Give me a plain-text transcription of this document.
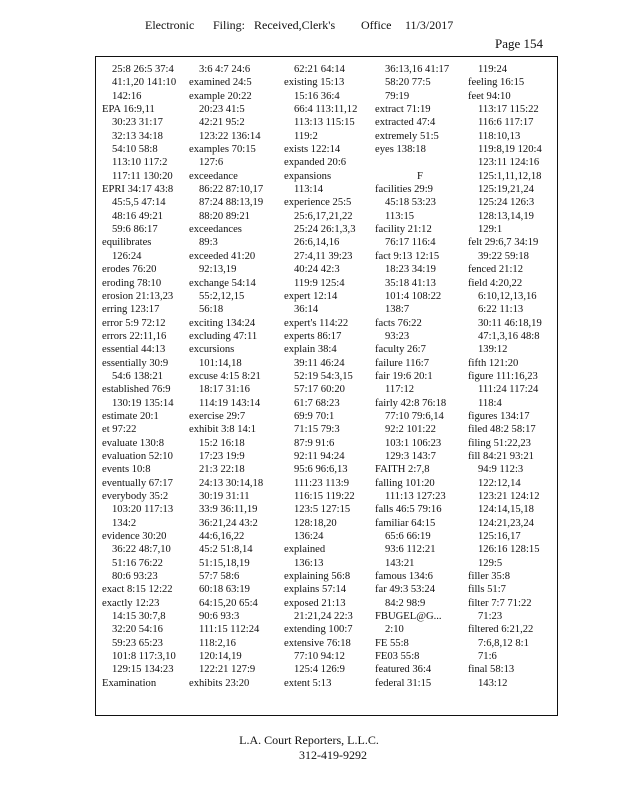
Electronic Filing: Received,Clerk's Office 11/3/2017
Page 154
25:8 26:5 37:4
41:1,20 141:10
142:16
EPA 16:9,11
30:23 31:17
32:13 34:18
54:10 58:8
113:10 117:2
117:11 130:20
EPRI 34:17 43:8
45:5,5 47:14
48:16 49:21
59:6 86:17
equilibrates
126:24
erodes 76:20
eroding 78:10
erosion 21:13,23
erring 123:17
error 5:9 72:12
errors 22:11,16
essential 44:13
essentially 30:9
54:6 138:21
established 76:9
130:19 135:14
estimate 20:1
et 97:22
evaluate 130:8
evaluation 52:10
events 10:8
eventually 67:17
everybody 35:2
103:20 117:13
134:2
evidence 30:20
36:22 48:7,10
51:16 76:22
80:6 93:23
exact 8:15 12:22
exactly 12:23
14:15 30:7,8
32:20 54:16
59:23 65:23
101:8 117:3,10
129:15 134:23
Examination
3:6 4:7 24:6
examined 24:5
example 20:22
20:23 41:5
42:21 95:2
123:22 136:14
examples 70:15
127:6
exceedance
86:22 87:10,17
87:24 88:13,19
88:20 89:21
exceedances
89:3
exceeded 41:20
92:13,19
exchange 54:14
55:2,12,15
56:18
exciting 134:24
excluding 47:11
excursions
101:14,18
excuse 4:15 8:21
18:17 31:16
114:19 143:14
exercise 29:7
exhibit 3:8 14:1
15:2 16:18
17:23 19:9
21:3 22:18
24:13 30:14,18
30:19 31:11
33:9 36:11,19
36:21,24 43:2
44:6,16,22
45:2 51:8,14
51:15,18,19
57:7 58:6
60:18 63:19
64:15,20 65:4
90:6 93:3
111:15 112:24
118:2,16
120:14,19
122:21 127:9
exhibits 23:20
62:21 64:14
existing 15:13
15:16 36:4
66:4 113:11,12
113:13 115:15
119:2
exists 122:14
expanded 20:6
expansions
113:14
experience 25:5
25:6,17,21,22
25:24 26:1,3,3
26:6,14,16
27:4,11 39:23
40:24 42:3
119:9 125:4
expert 12:14
36:14
expert's 114:22
experts 86:17
explain 38:4
39:11 46:24
52:19 54:3,15
57:17 60:20
61:7 68:23
69:9 70:1
71:15 79:3
87:9 91:6
92:11 94:24
95:6 96:6,13
111:23 113:9
116:15 119:22
123:5 127:15
128:18,20
136:24
explained
136:13
explaining 56:8
explains 57:14
exposed 21:13
21:21,24 22:3
extending 100:7
extensive 76:18
77:10 94:12
125:4 126:9
extent 5:13
36:13,16 41:17
58:20 77:5
79:19
extract 71:19
extracted 47:4
extremely 51:5
eyes 138:18
F
facilities 29:9
45:18 53:23
113:15
facility 21:12
76:17 116:4
fact 9:13 12:15
18:23 34:19
35:18 41:13
101:4 108:22
138:7
facts 76:22
93:23
faculty 26:7
failure 116:7
fair 19:6 20:1
117:12
fairly 42:8 76:18
77:10 79:6,14
92:2 101:22
103:1 106:23
129:3 143:7
FAITH 2:7,8
falling 101:20
111:13 127:23
falls 46:5 79:16
familiar 64:15
65:6 66:19
93:6 112:21
143:21
famous 134:6
far 49:3 53:24
84:2 98:9
FBUGEL@G...
2:10
FE 55:8
FE03 55:8
featured 36:4
federal 31:15
119:24
feeling 16:15
feet 94:10
113:17 115:22
116:6 117:17
118:10,13
119:8,19 120:4
123:11 124:16
125:1,11,12,18
125:19,21,24
125:24 126:3
128:13,14,19
129:1
felt 29:6,7 34:19
39:22 59:18
fenced 21:12
field 4:20,22
6:10,12,13,16
6:22 11:13
30:11 46:18,19
47:1,3,16 48:8
139:12
fifth 121:20
figure 111:16,23
111:24 117:24
118:4
figures 134:17
filed 48:2 58:17
filing 51:22,23
fill 84:21 93:21
94:9 112:3
122:12,14
123:21 124:12
124:14,15,18
124:21,23,24
125:16,17
126:16 128:15
129:5
filler 35:8
fills 51:7
filter 7:7 71:22
71:23
filtered 6:21,22
7:6,8,12 8:1
71:6
final 58:13
143:12
L.A. Court Reporters, L.L.C.
312-419-9292
